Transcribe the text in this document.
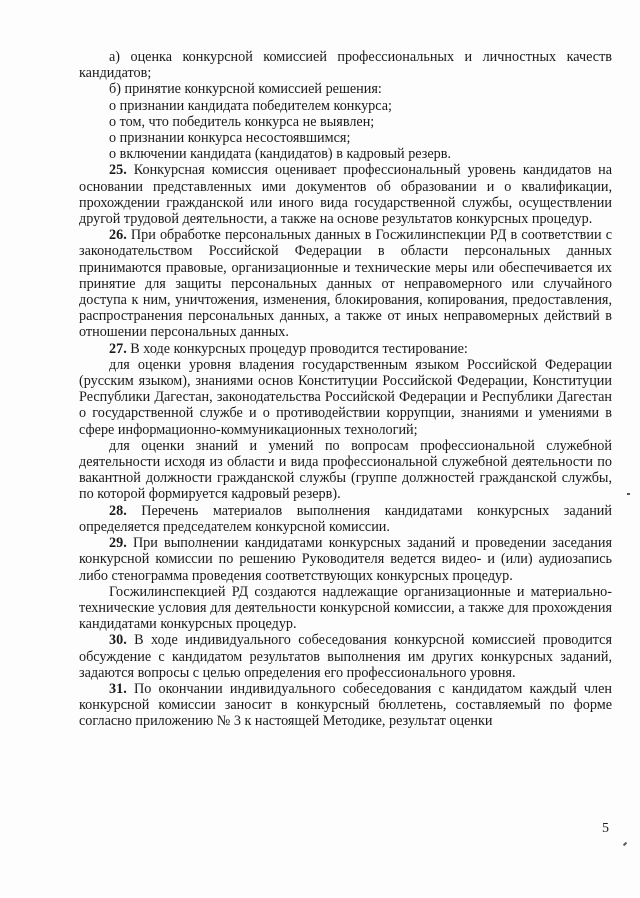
а) оценка конкурсной комиссией профессиональных и личностных качеств кандидатов;

б) принятие конкурсной комиссией решения:

о признании кандидата победителем конкурса;

о том, что победитель конкурса не выявлен;

о признании конкурса несостоявшимся;

о включении кандидата (кандидатов) в кадровый резерв.

25. Конкурсная комиссия оценивает профессиональный уровень кандидатов на основании представленных ими документов об образовании и о квалификации, прохождении гражданской или иного вида государственной службы, осуществлении другой трудовой деятельности, а также на основе результатов конкурсных процедур.

26. При обработке персональных данных в Госжилинспекции РД в соответствии с законодательством Российской Федерации в области персональных данных принимаются правовые, организационные и технические меры или обеспечивается их принятие для защиты персональных данных от неправомерного или случайного доступа к ним, уничтожения, изменения, блокирования, копирования, предоставления, распространения персональных данных, а также от иных неправомерных действий в отношении персональных данных.

27. В ходе конкурсных процедур проводится тестирование:

для оценки уровня владения государственным языком Российской Федерации (русским языком), знаниями основ Конституции Российской Федерации, Конституции Республики Дагестан, законодательства Российской Федерации и Республики Дагестан о государственной службе и о противодействии коррупции, знаниями и умениями в сфере информационно-коммуникационных технологий;

для оценки знаний и умений по вопросам профессиональной служебной деятельности исходя из области и вида профессиональной служебной деятельности по вакантной должности гражданской службы (группе должностей гражданской службы, по которой формируется кадровый резерв).

28. Перечень материалов выполнения кандидатами конкурсных заданий определяется председателем конкурсной комиссии.

29. При выполнении кандидатами конкурсных заданий и проведении заседания конкурсной комиссии по решению Руководителя ведется видео- и (или) аудиозапись либо стенограмма проведения соответствующих конкурсных процедур.

Госжилинспекцией РД создаются надлежащие организационные и материально-технические условия для деятельности конкурсной комиссии, а также для прохождения кандидатами конкурсных процедур.

30. В ходе индивидуального собеседования конкурсной комиссией проводится обсуждение с кандидатом результатов выполнения им других конкурсных заданий, задаются вопросы с целью определения его профессионального уровня.

31. По окончании индивидуального собеседования с кандидатом каждый член конкурсной комиссии заносит в конкурсный бюллетень, составляемый по форме согласно приложению № 3 к настоящей Методике, результат оценки

5
